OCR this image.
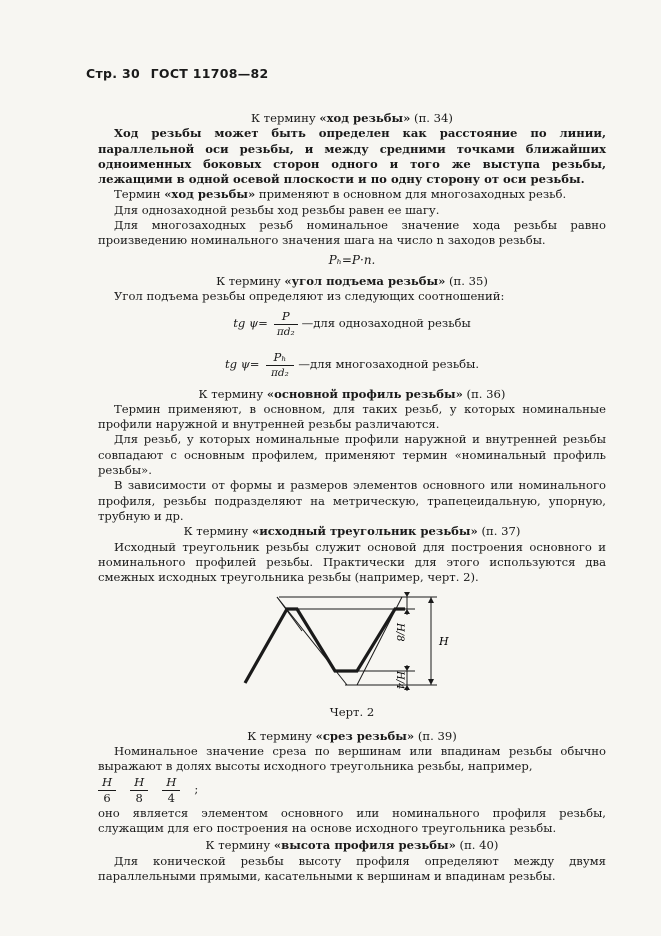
Стр. 30 ГОСТ 11708—82

К термину «ход резьбы» (п. 34)

Ход резьбы может быть определен как расстояние по линии, параллельной оси резьбы, и между средними точками ближайших одноименных боковых сторон одного и того же выступа резьбы, лежащими в одной осевой плоскости и по одну сторону от оси резьбы.

Термин «ход резьбы» применяют в основном для многозаходных резьб.

Для однозаходной резьбы ход резьбы равен ее шагу.

Для многозаходных резьб номинальное значение хода резьбы равно произведению номинального значения шага на число n заходов резьбы.

Pₕ=P·n.

К термину «угол подъема резьбы» (п. 35)

Угол подъема резьбы определяют из следующих соотношений:

tg $\psi= \frac{P}{\text{πd₂}}$ —для однозаходной резьбы
tg $\psi= \frac{\text{Pₕ}}{\text{πd₂}}$ —для многозаходной резьбы.

К термину «основной профиль резьбы» (п. 36)

Термин применяют, в основном, для таких резьб, у которых номинальные профили наружной и внутренней резьбы различаются.

Для резьб, у которых номинальные профили наружной и внутренней резьбы совпадают с основным профилем, применяют термин «номинальный профиль резьбы».

В зависимости от формы и размеров элементов основного или номинального профиля, резьбы подразделяют на метрическую, трапецеидальную, упорную, трубную и др.

К термину «исходный треугольник резьбы» (п. 37)

Исходный треугольник резьбы служит основой для построения основного и номинального профилей резьбы. Практически для этого используются два смежных исходных треугольника резьбы (например, черт. 2).

H/8
H
H/4

Черт. 2

К термину «срез резьбы» (п. 39)

Номинальное значение среза по вершинам или впадинам резьбы обычно выражают в долях высоты исходного треугольника резьбы, например,

$\frac{H}{6} \frac{H}{8} \frac{H}{4}$ ;

оно является элементом основного или номинального профиля резьбы, служащим для его построения на основе исходного треугольника резьбы.

К термину «высота профиля резьбы» (п. 40)

Для конической резьбы высоту профиля определяют между двумя параллельными прямыми, касательными к вершинам и впадинам резьбы.
